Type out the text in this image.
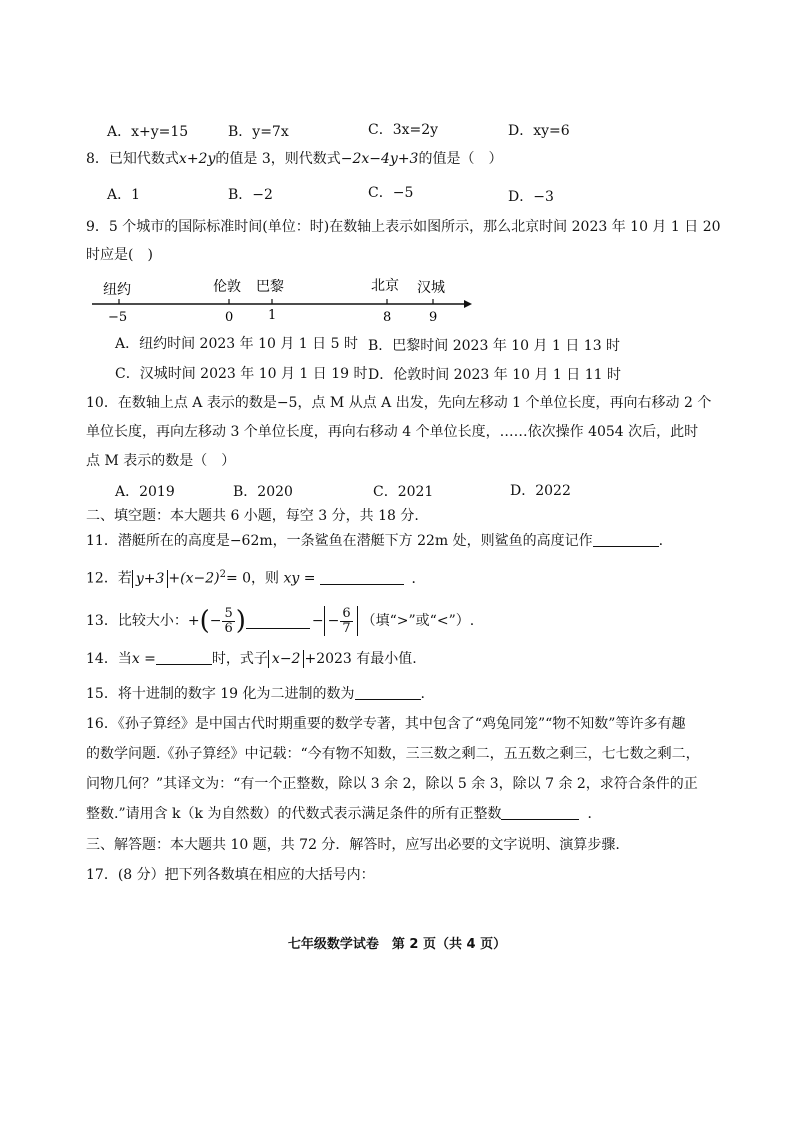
A．x+y=15	B．y=7x	C．3x=2y	D．xy=6
8．已知代数式x+2y的值是 3，则代数式−2x−4y+3的值是（　）
A．1	B．−2	C．−5	D．−3
9．5 个城市的国际标准时间(单位：时)在数轴上表示如图所示，那么北京时间 2023 年 10 月 1 日 20
时应是(　)
纽约	伦敦 巴黎	北京 汉城
−5	0	1	8	9
A．纽约时间 2023 年 10 月 1 日 5 时 B．巴黎时间 2023 年 10 月 1 日 13 时
C．汉城时间 2023 年 10 月 1 日 19 时 D．伦敦时间 2023 年 10 月 1 日 11 时
10．在数轴上点 A 表示的数是−5，点 M 从点 A 出发，先向左移动 1 个单位长度，再向右移动 2 个
单位长度，再向左移动 3 个单位长度，再向右移动 4 个单位长度，……依次操作 4054 次后，此时
点 M 表示的数是（　）
A．2019	B．2020	C．2021	D．2022
二、填空题：本大题共 6 小题，每空 3 分，共 18 分.
11．潜艇所在的高度是−62m，一条鲨鱼在潜艇下方 22m 处，则鲨鱼的高度记作	.
12．若 $y+3 +(x-2)^2= 0$，则 xy =	．
13．比较大小：+(− $\frac{5}{6}$ )	− − $\frac{6}{7}$ （填“>”或“<”）.
14．当x =	时，式子 x−2 +2023 有最小值.
15．将十进制的数字 19 化为二进制的数为	.
16．《孙子算经》是中国古代时期重要的数学专著，其中包含了“鸡兔同笼”“物不知数”等许多有趣
的数学问题.《孙子算经》中记载：“今有物不知数，三三数之剩二，五五数之剩三，七七数之剩二，
问物几何？”其译文为：“有一个正整数，除以 3 余 2，除以 5 余 3，除以 7 余 2，求符合条件的正
整数.”请用含 k（k 为自然数）的代数式表示满足条件的所有正整数	．
三、解答题：本大题共 10 题，共 72 分．解答时，应写出必要的文字说明、演算步骤.
17．(8 分）把下列各数填在相应的大括号内：
七年级数学试卷　第 2 页（共 4 页）
